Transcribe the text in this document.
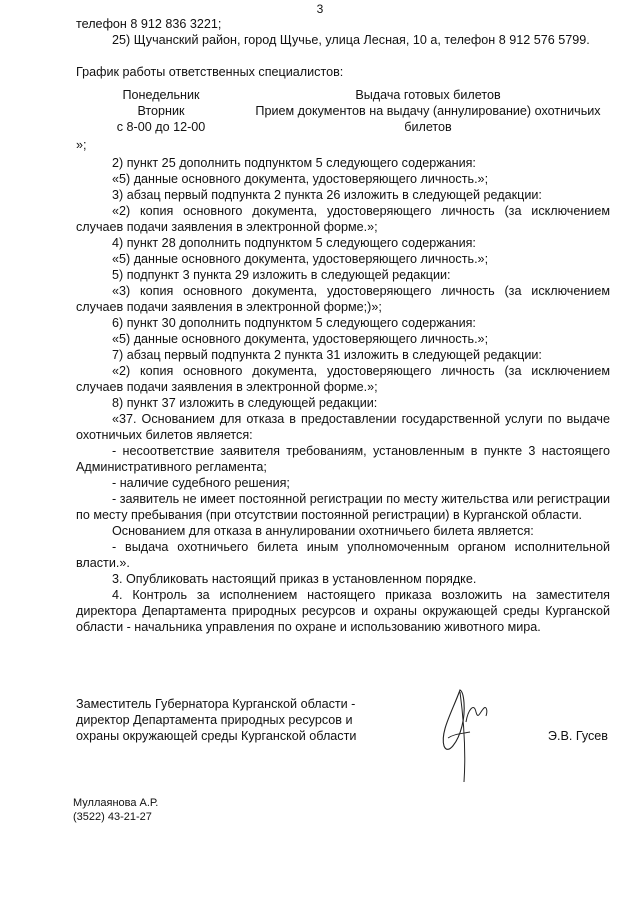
3

телефон 8 912 836 3221;

25) Щучанский район, город Щучье, улица Лесная, 10 а, телефон 8 912 576 5799.

График работы ответственных специалистов:

Понедельник
Вторник
с 8-00 до 12-00
Выдача готовых билетов
Прием документов на выдачу (аннулирование) охотничьих билетов

»;

2) пункт 25 дополнить подпунктом 5 следующего содержания:

«5) данные основного документа, удостоверяющего личность.»;

3) абзац первый подпункта 2 пункта 26 изложить в следующей редакции:

«2) копия основного документа, удостоверяющего личность (за исключением случаев подачи заявления в электронной форме.»;

4) пункт 28 дополнить подпунктом 5 следующего содержания:

«5) данные основного документа, удостоверяющего личность.»;

5) подпункт 3 пункта 29 изложить в следующей редакции:

«3) копия основного документа, удостоверяющего личность (за исключением случаев подачи заявления в электронной форме;)»;

6) пункт 30 дополнить подпунктом 5 следующего содержания:

«5) данные основного документа, удостоверяющего личность.»;

7) абзац первый подпункта 2 пункта 31 изложить в следующей редакции:

«2) копия основного документа, удостоверяющего личность (за исключением случаев подачи заявления в электронной форме.»;

8) пункт 37 изложить в следующей редакции:

«37. Основанием для отказа в предоставлении государственной услуги по выдаче охотничьих билетов является:

- несоответствие заявителя требованиям, установленным в пункте 3 настоящего Административного регламента;

- наличие судебного решения;

- заявитель не имеет постоянной регистрации по месту жительства или регистрации по месту пребывания (при отсутствии постоянной регистрации) в Курганской области.

Основанием для отказа в аннулировании охотничьего билета является:

- выдача охотничьего билета иным уполномоченным органом исполнительной власти.».

3. Опубликовать настоящий приказ в установленном порядке.

4. Контроль за исполнением настоящего приказа возложить на заместителя директора Департамента природных ресурсов и охраны окружающей среды Курганской области - начальника управления по охране и использованию животного мира.

Заместитель Губернатора Курганской области -
директор Департамента природных ресурсов и
охраны окружающей среды Курганской области	Э.В. Гусев
Муллаянова А.Р.
(3522) 43-21-27
